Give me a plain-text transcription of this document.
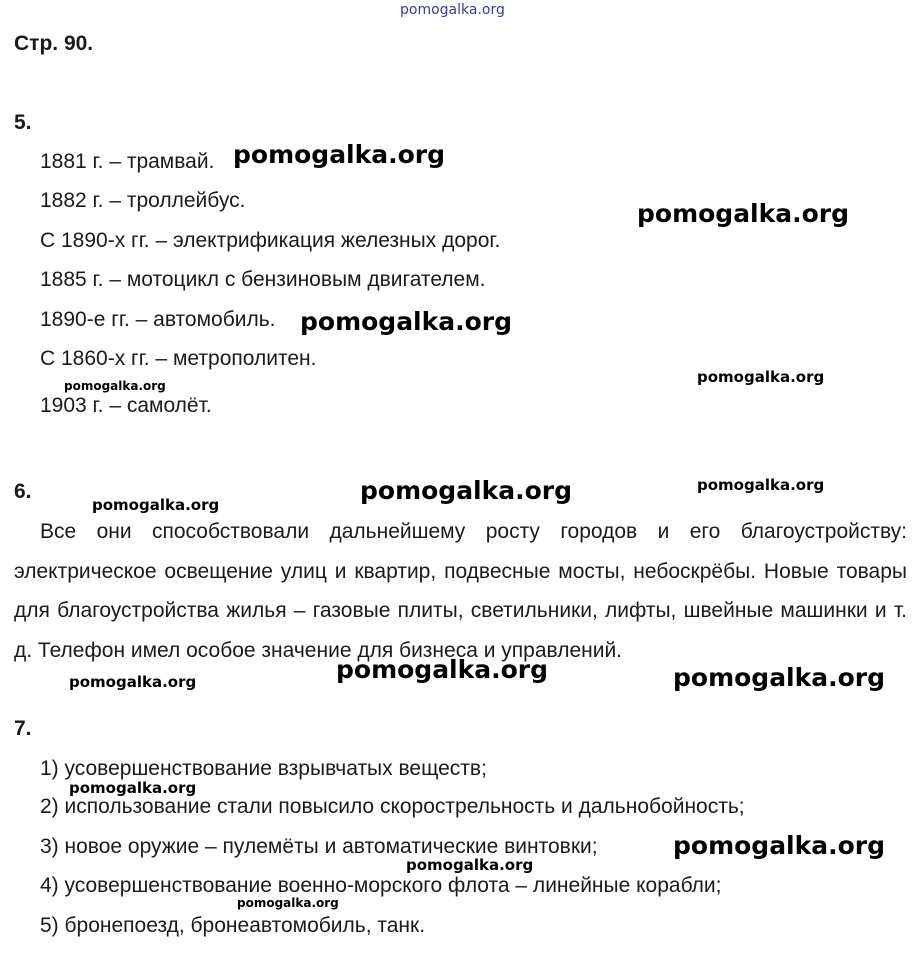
Стр. 90.
5.
1881 г. – трамвай.
1882 г. – троллейбус.
С 1890-х гг. – электрификация железных дорог.
1885 г. – мотоцикл с бензиновым двигателем.
1890-е гг. – автомобиль.
С 1860-х гг. – метрополитен.
1903 г. – самолёт.
6.
Все они способствовали дальнейшему росту городов и его благоустройству: электрическое освещение улиц и квартир, подвесные мосты, небоскрёбы. Новые товары для благоустройства жилья – газовые плиты, светильники, лифты, швейные машинки и т. д. Телефон имел особое значение для бизнеса и управлений.
7.
1) усовершенствование взрывчатых веществ;
2) использование стали повысило скорострельность и дальнобойность;
3) новое оружие – пулемёты и автоматические винтовки;
4) усовершенствование военно-морского флота – линейные корабли;
5) бронепоезд, бронеавтомобиль, танк.
pomogalka.org
pomogalka.org
pomogalka.org
pomogalka.org
pomogalka.org	pomogalka.org
pomogalka.org	pomogalka.org
pomogalka.org
pomogalka.org
pomogalka.org	pomogalka.org
pomogalka.org
pomogalka.org
pomogalka.org
pomogalka.org
